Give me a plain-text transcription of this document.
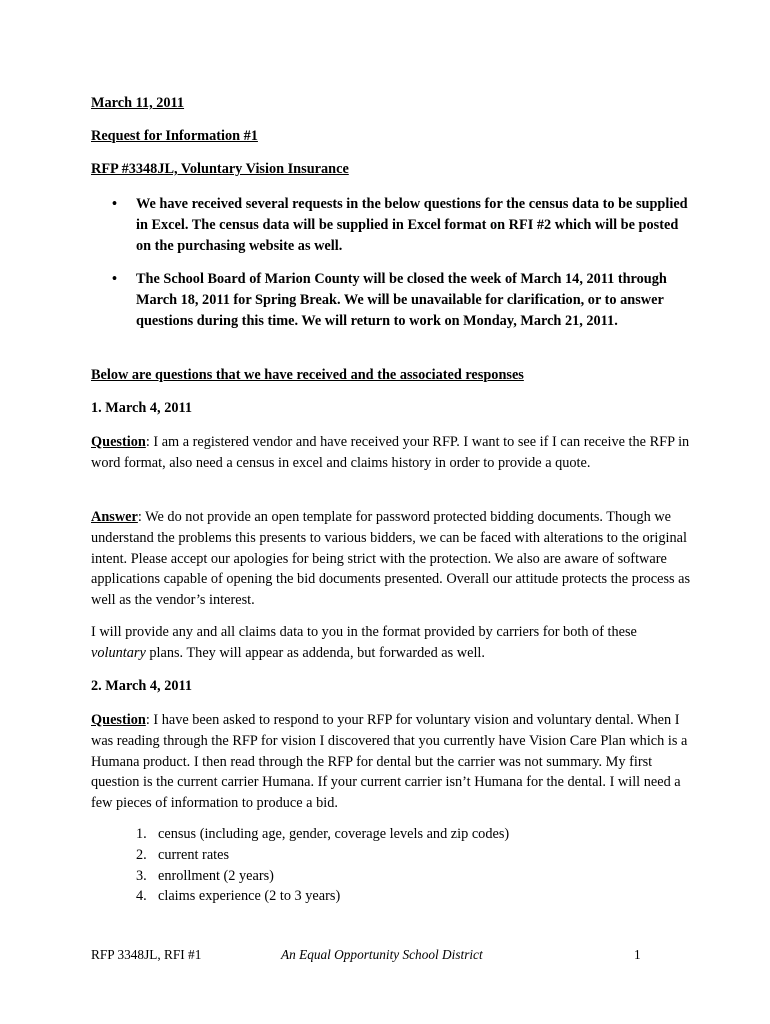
March 11, 2011

Request for Information #1

RFP #3348JL, Voluntary Vision Insurance

• We have received several requests in the below questions for the census data to be supplied in Excel. The census data will be supplied in Excel format on RFI #2 which will be posted on the purchasing website as well.
• The School Board of Marion County will be closed the week of March 14, 2011 through March 18, 2011 for Spring Break. We will be unavailable for clarification, or to answer questions during this time. We will return to work on Monday, March 21, 2011.

Below are questions that we have received and the associated responses

1. March 4, 2011

Question: I am a registered vendor and have received your RFP. I want to see if I can receive the RFP in word format, also need a census in excel and claims history in order to provide a quote.

Answer: We do not provide an open template for password protected bidding documents. Though we understand the problems this presents to various bidders, we can be faced with alterations to the original intent. Please accept our apologies for being strict with the protection. We also are aware of software applications capable of opening the bid documents presented. Overall our attitude protects the process as well as the vendor’s interest.

I will provide any and all claims data to you in the format provided by carriers for both of these voluntary plans. They will appear as addenda, but forwarded as well.

2. March 4, 2011

Question: I have been asked to respond to your RFP for voluntary vision and voluntary dental. When I was reading through the RFP for vision I discovered that you currently have Vision Care Plan which is a Humana product. I then read through the RFP for dental but the carrier was not summary. My first question is the current carrier Humana. If your current carrier isn’t Humana for the dental. I will need a few pieces of information to produce a bid.

1. census (including age, gender, coverage levels and zip codes)
2. current rates
3. enrollment (2 years)
4. claims experience (2 to 3 years)
RFP 3348JL, RFI #1	An Equal Opportunity School District	1
